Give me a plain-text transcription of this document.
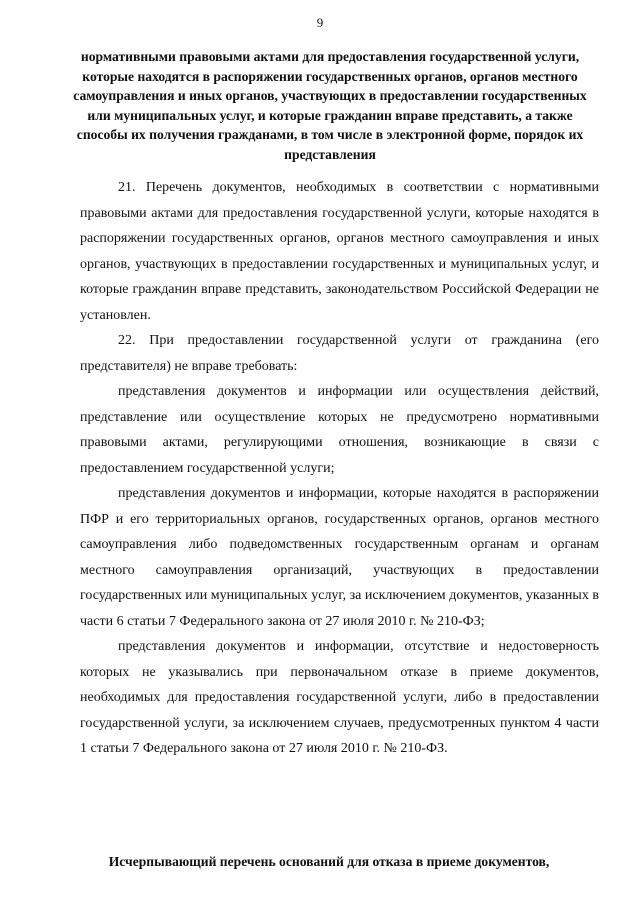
9
нормативными правовыми актами для предоставления государственной услуги, которые находятся в распоряжении государственных органов, органов местного самоуправления и иных органов, участвующих в предоставлении государственных или муниципальных услуг, и которые гражданин вправе представить, а также способы их получения гражданами, в том числе в электронной форме, порядок их представления

21. Перечень документов, необходимых в соответствии с нормативными правовыми актами для предоставления государственной услуги, которые находятся в распоряжении государственных органов, органов местного самоуправления и иных органов, участвующих в предоставлении государственных и муниципальных услуг, и которые гражданин вправе представить, законодательством Российской Федерации не установлен.

22. При предоставлении государственной услуги от гражданина (его представителя) не вправе требовать:

представления документов и информации или осуществления действий, представление или осуществление которых не предусмотрено нормативными правовыми актами, регулирующими отношения, возникающие в связи с предоставлением государственной услуги;

представления документов и информации, которые находятся в распоряжении ПФР и его территориальных органов, государственных органов, органов местного самоуправления либо подведомственных государственным органам и органам местного самоуправления организаций, участвующих в предоставлении государственных или муниципальных услуг, за исключением документов, указанных в части 6 статьи 7 Федерального закона от 27 июля 2010 г. № 210-ФЗ;

представления документов и информации, отсутствие и недостоверность которых не указывались при первоначальном отказе в приеме документов, необходимых для предоставления государственной услуги, либо в предоставлении государственной услуги, за исключением случаев, предусмотренных пунктом 4 части 1 статьи 7 Федерального закона от 27 июля 2010 г. № 210-ФЗ.

Исчерпывающий перечень оснований для отказа в приеме документов,
